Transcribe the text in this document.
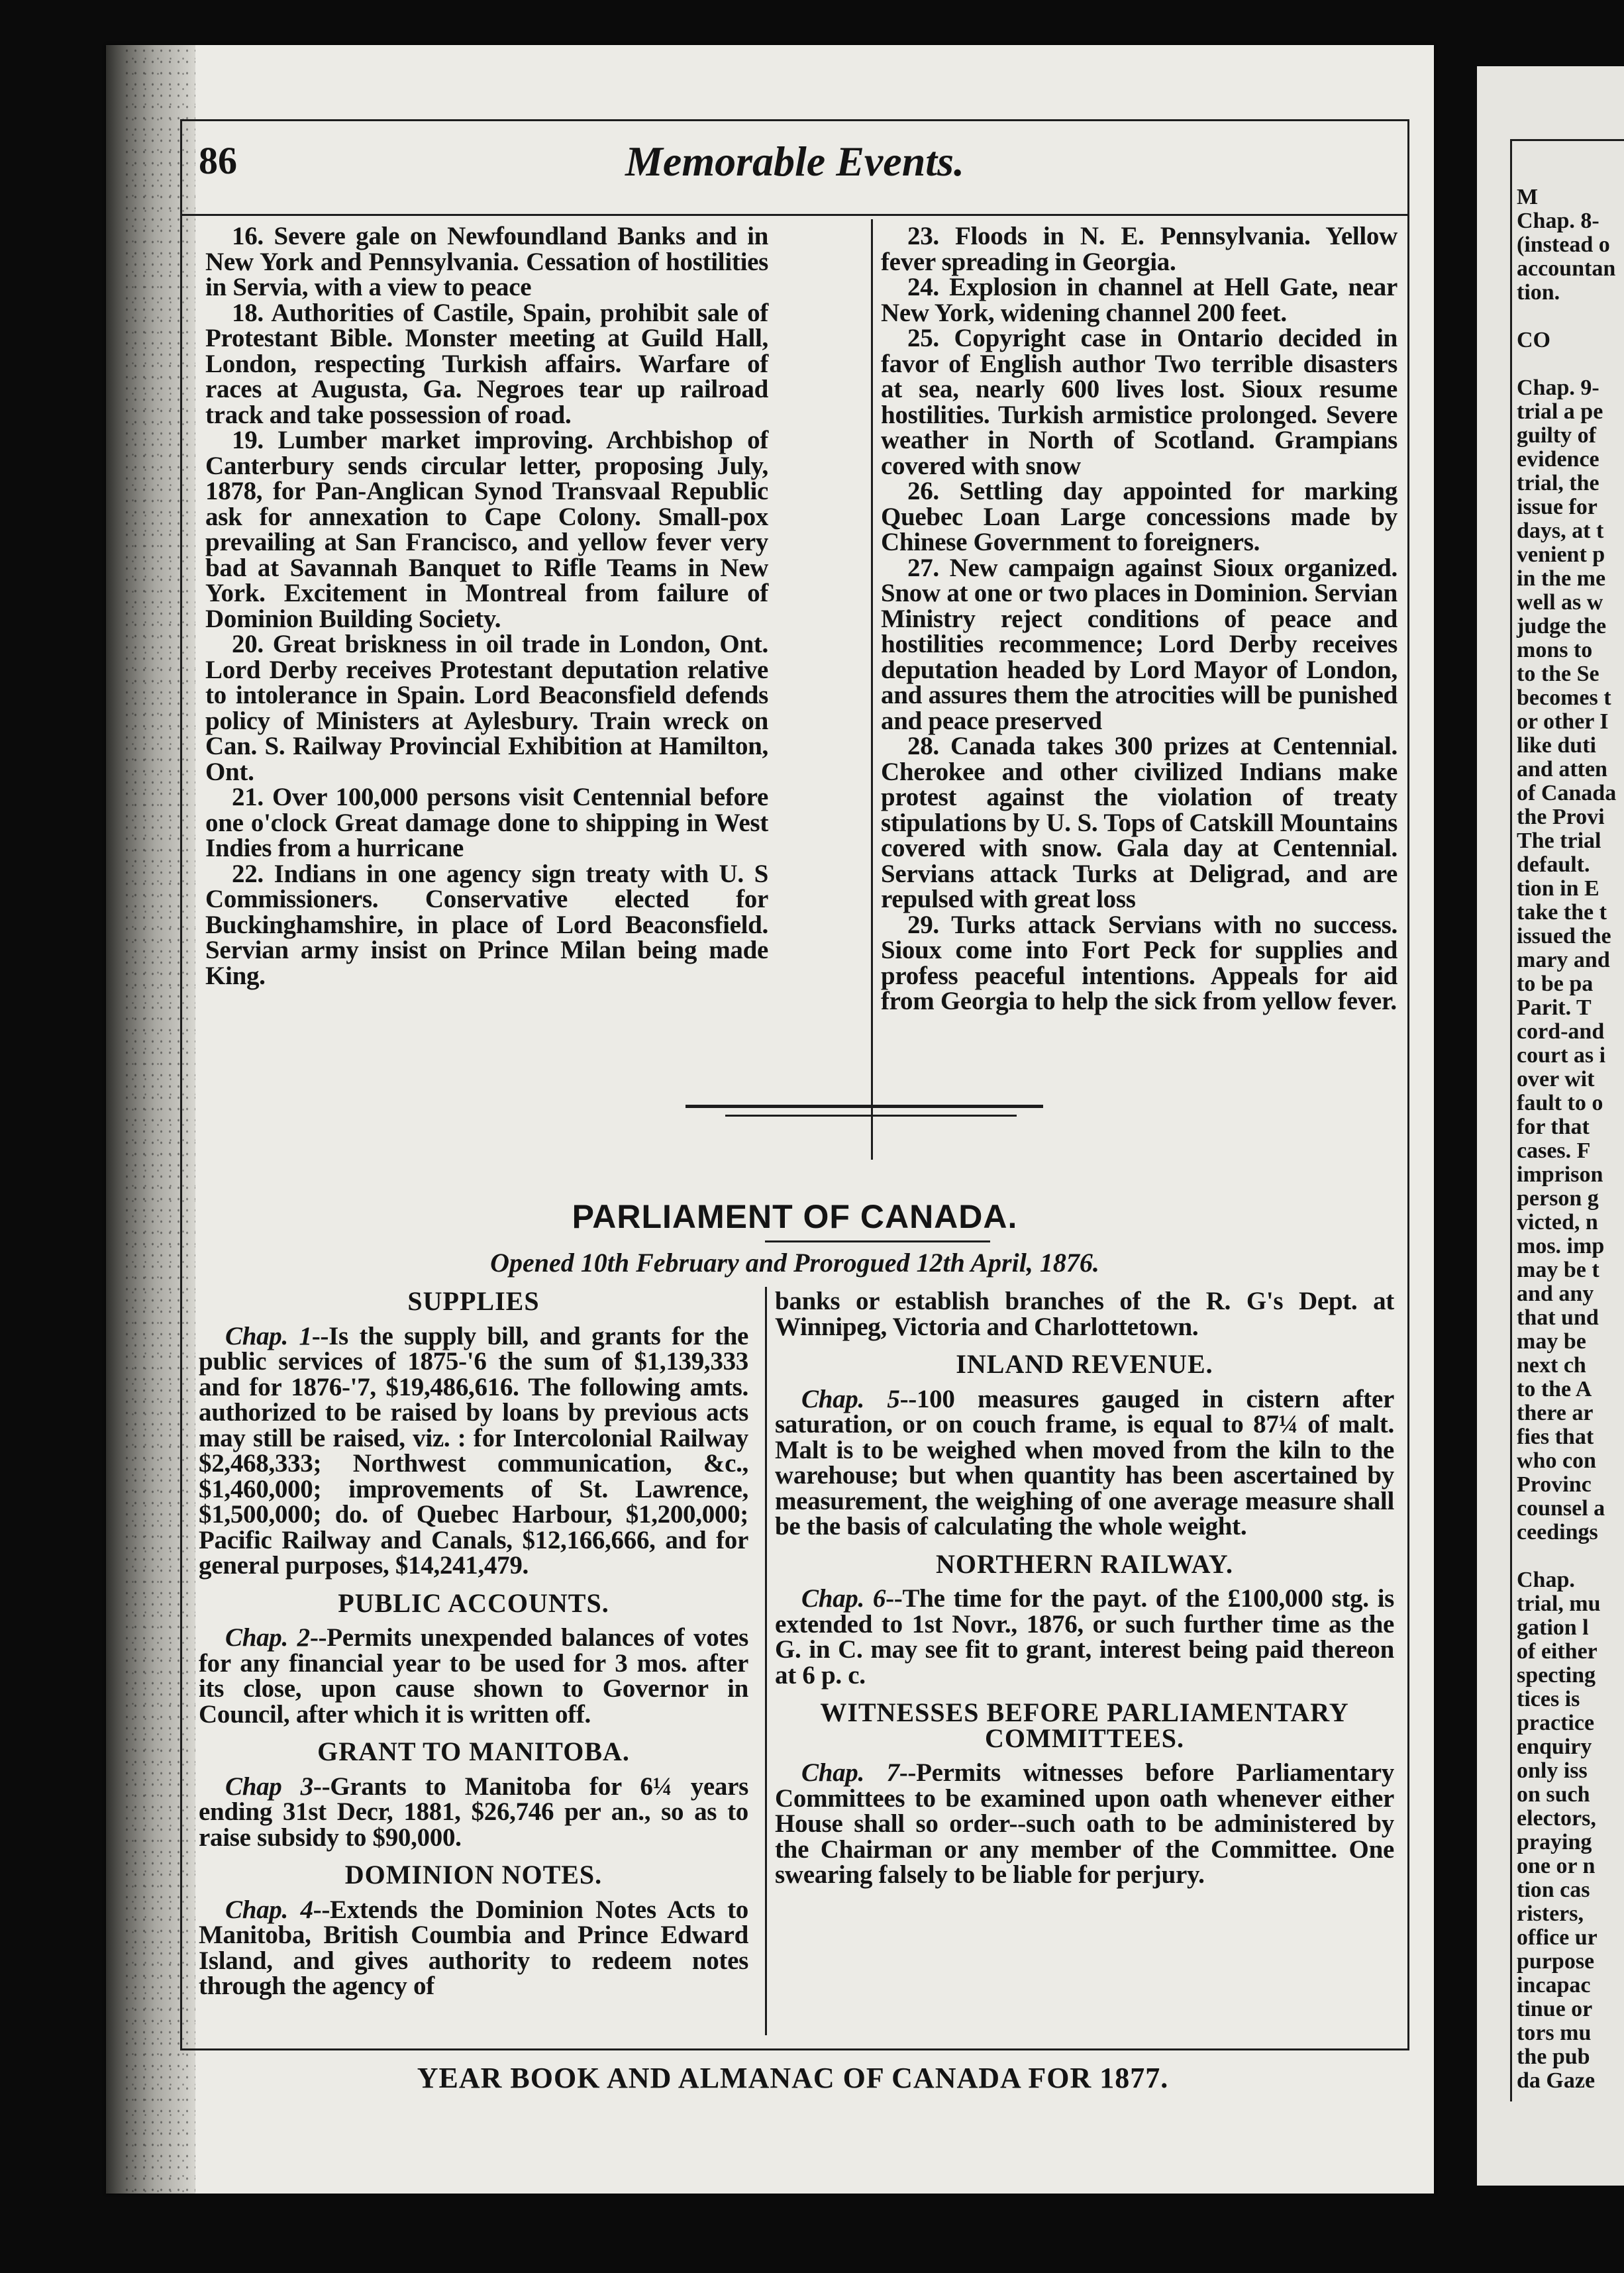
86	Memorable Events.

16. Severe gale on Newfoundland Banks and in New York and Pennsylvania. Cessation of hostilities in Servia, with a view to peace

18. Authorities of Castile, Spain, prohibit sale of Protestant Bible. Monster meeting at Guild Hall, London, respecting Turkish affairs. Warfare of races at Augusta, Ga. Negroes tear up railroad track and take possession of road.

19. Lumber market improving. Archbishop of Canterbury sends circular letter, proposing July, 1878, for Pan-Anglican Synod Transvaal Republic ask for annexation to Cape Colony. Small-pox prevailing at San Francisco, and yellow fever very bad at Savannah Banquet to Rifle Teams in New York. Excitement in Montreal from failure of Dominion Building Society.

20. Great briskness in oil trade in London, Ont. Lord Derby receives Protestant deputation relative to intolerance in Spain. Lord Beaconsfield defends policy of Ministers at Aylesbury. Train wreck on Can. S. Railway Provincial Exhibition at Hamilton, Ont.

21. Over 100,000 persons visit Centennial before one o'clock Great damage done to shipping in West Indies from a hurricane

22. Indians in one agency sign treaty with U. S Commissioners. Conservative elected for Buckinghamshire, in place of Lord Beaconsfield. Servian army insist on Prince Milan being made King.

23. Floods in N. E. Pennsylvania. Yellow fever spreading in Georgia.

24. Explosion in channel at Hell Gate, near New York, widening channel 200 feet.

25. Copyright case in Ontario decided in favor of English author Two terrible disasters at sea, nearly 600 lives lost. Sioux resume hostilities. Turkish armistice prolonged. Severe weather in North of Scotland. Grampians covered with snow

26. Settling day appointed for marking Quebec Loan Large concessions made by Chinese Government to foreigners.

27. New campaign against Sioux organized. Snow at one or two places in Dominion. Servian Ministry reject conditions of peace and hostilities recommence; Lord Derby receives deputation headed by Lord Mayor of London, and assures them the atrocities will be punished and peace preserved

28. Canada takes 300 prizes at Centennial. Cherokee and other civilized Indians make protest against the violation of treaty stipulations by U. S. Tops of Catskill Mountains covered with snow. Gala day at Centennial. Servians attack Turks at Deligrad, and are repulsed with great loss

29. Turks attack Servians with no success. Sioux come into Fort Peck for supplies and profess peaceful intentions. Appeals for aid from Georgia to help the sick from yellow fever.

PARLIAMENT OF CANADA.
Opened 10th February and Prorogued 12th April, 1876.
SUPPLIES

Chap. 1--Is the supply bill, and grants for the public services of 1875-'6 the sum of $1,139,333 and for 1876-'7, $19,486,616. The following amts. authorized to be raised by loans by previous acts may still be raised, viz. : for Intercolonial Railway $2,468,333; Northwest communication, &c., $1,460,000; improvements of St. Lawrence, $1,500,000; do. of Quebec Harbour, $1,200,000; Pacific Railway and Canals, $12,166,666, and for general purposes, $14,241,479.

PUBLIC ACCOUNTS.

Chap. 2--Permits unexpended balances of votes for any financial year to be used for 3 mos. after its close, upon cause shown to Governor in Council, after which it is written off.

GRANT TO MANITOBA.

Chap 3--Grants to Manitoba for 6¼ years ending 31st Decr, 1881, $26,746 per an., so as to raise subsidy to $90,000.

DOMINION NOTES.

Chap. 4--Extends the Dominion Notes Acts to Manitoba, British Coumbia and Prince Edward Island, and gives authority to redeem notes through the agency of

banks or establish branches of the R. G's Dept. at Winnipeg, Victoria and Charlottetown.

INLAND REVENUE.

Chap. 5--100 measures gauged in cistern after saturation, or on couch frame, is equal to 87¼ of malt. Malt is to be weighed when moved from the kiln to the warehouse; but when quantity has been ascertained by measurement, the weighing of one average measure shall be the basis of calculating the whole weight.

NORTHERN RAILWAY.

Chap. 6--The time for the payt. of the £100,000 stg. is extended to 1st Novr., 1876, or such further time as the G. in C. may see fit to grant, interest being paid thereon at 6 p. c.

WITNESSES BEFORE PARLIAMENTARY COMMITTEES.

Chap. 7--Permits witnesses before Parliamentary Committees to be examined upon oath whenever either House shall so order--such oath to be administered by the Chairman or any member of the Committee. One swearing falsely to be liable for perjury.

YEAR BOOK AND ALMANAC OF CANADA FOR 1877.
M
Chap. 8-
(instead o
accountan
tion.
CO
Chap. 9-
trial a pe
guilty of
evidence
trial, the
issue for
days, at t
venient p
in the me
well as w
judge the
mons to
to the Se
becomes t
or other I
like duti
and atten
of Canada
the Provi
The trial
default.
tion in E
take the t
issued the
mary and
to be pa
Parit. T
cord-and
court as i
over wit
fault to o
for that
cases. F
imprison
person g
victed, n
mos. imp
may be t
and any
that und
may be
next ch
to the A
there ar
fies that
who con
Provinc
counsel a
ceedings
Chap.
trial, mu
gation l
of either
specting
tices is
practice
enquiry
only iss
on such
electors,
praying
one or n
tion cas
risters,
office ur
purpose
incapac
tinue or
tors mu
the pub
da Gaze
